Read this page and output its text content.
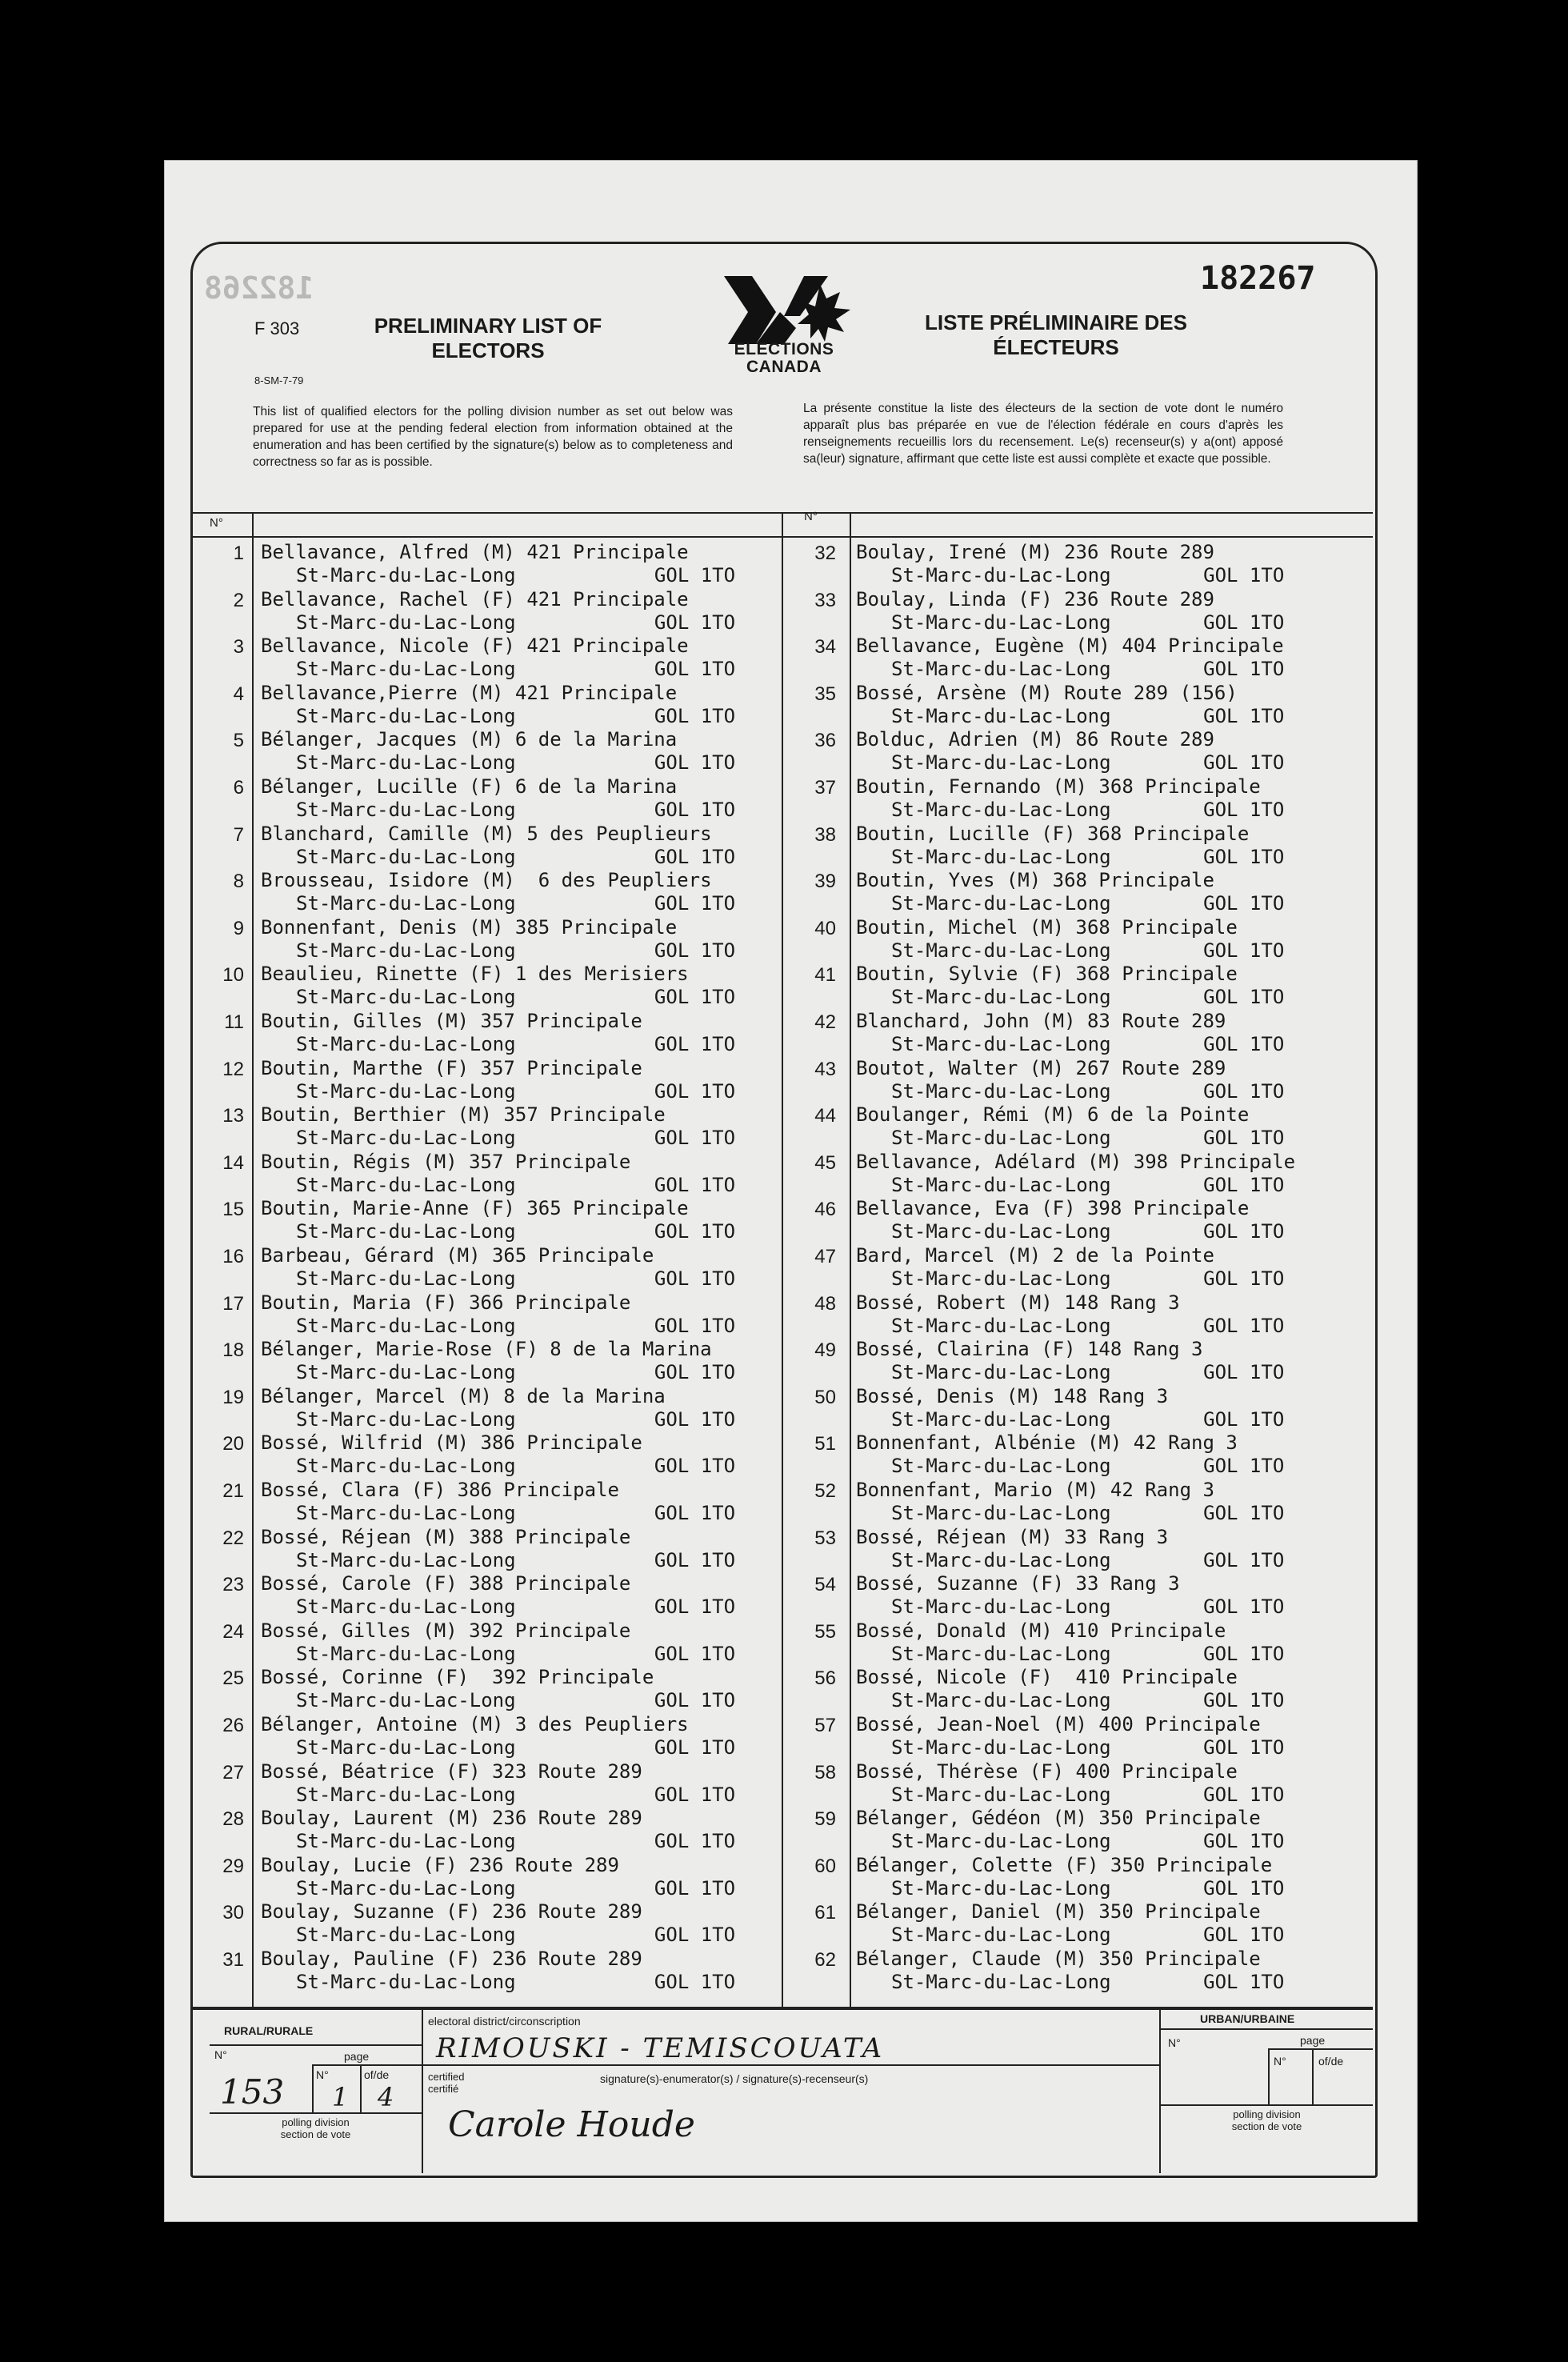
182268	182267
F 303
8-SM-7-79
PRELIMINARY LIST OF
ELECTORS
LISTE PRÉLIMINAIRE DES
ÉLECTEURS
ELECTIONS
CANADA
This list of qualified electors for the polling division number as set out below was prepared for use at the pending federal election from information obtained at the enumeration and has been certified by the signature(s) below as to completeness and correctness so far as is possible.
La présente constitue la liste des électeurs de la section de vote dont le numéro apparaît plus bas préparée en vue de l'élection fédérale en cours d'après les renseignements recueillis lors du recensement. Le(s) recenseur(s) y a(ont) apposé sa(leur) signature, affirmant que cette liste est aussi complète et exacte que possible.
N°	N°
1 Bellavance, Alfred (M) 421 Principale
St-Marc-du-Lac-Long            GOL 1TO
2 Bellavance, Rachel (F) 421 Principale
St-Marc-du-Lac-Long            GOL 1TO
3 Bellavance, Nicole (F) 421 Principale
St-Marc-du-Lac-Long            GOL 1TO
4 Bellavance,Pierre (M) 421 Principale
St-Marc-du-Lac-Long            GOL 1TO
5 Bélanger, Jacques (M) 6 de la Marina
St-Marc-du-Lac-Long            GOL 1TO
6 Bélanger, Lucille (F) 6 de la Marina
St-Marc-du-Lac-Long            GOL 1TO
7 Blanchard, Camille (M) 5 des Peuplieurs
St-Marc-du-Lac-Long            GOL 1TO
8 Brousseau, Isidore (M)  6 des Peupliers
St-Marc-du-Lac-Long            GOL 1TO
9 Bonnenfant, Denis (M) 385 Principale
St-Marc-du-Lac-Long            GOL 1TO
10 Beaulieu, Rinette (F) 1 des Merisiers
St-Marc-du-Lac-Long            GOL 1TO
11 Boutin, Gilles (M) 357 Principale
St-Marc-du-Lac-Long            GOL 1TO
12 Boutin, Marthe (F) 357 Principale
St-Marc-du-Lac-Long            GOL 1TO
13 Boutin, Berthier (M) 357 Principale
St-Marc-du-Lac-Long            GOL 1TO
14 Boutin, Régis (M) 357 Principale
St-Marc-du-Lac-Long            GOL 1TO
15 Boutin, Marie-Anne (F) 365 Principale
St-Marc-du-Lac-Long            GOL 1TO
16 Barbeau, Gérard (M) 365 Principale
St-Marc-du-Lac-Long            GOL 1TO
17 Boutin, Maria (F) 366 Principale
St-Marc-du-Lac-Long            GOL 1TO
18 Bélanger, Marie-Rose (F) 8 de la Marina
St-Marc-du-Lac-Long            GOL 1TO
19 Bélanger, Marcel (M) 8 de la Marina
St-Marc-du-Lac-Long            GOL 1TO
20 Bossé, Wilfrid (M) 386 Principale
St-Marc-du-Lac-Long            GOL 1TO
21 Bossé, Clara (F) 386 Principale
St-Marc-du-Lac-Long            GOL 1TO
22 Bossé, Réjean (M) 388 Principale
St-Marc-du-Lac-Long            GOL 1TO
23 Bossé, Carole (F) 388 Principale
St-Marc-du-Lac-Long            GOL 1TO
24 Bossé, Gilles (M) 392 Principale
St-Marc-du-Lac-Long            GOL 1TO
25 Bossé, Corinne (F)  392 Principale
St-Marc-du-Lac-Long            GOL 1TO
26 Bélanger, Antoine (M) 3 des Peupliers
St-Marc-du-Lac-Long            GOL 1TO
27 Bossé, Béatrice (F) 323 Route 289
St-Marc-du-Lac-Long            GOL 1TO
28 Boulay, Laurent (M) 236 Route 289
St-Marc-du-Lac-Long            GOL 1TO
29 Boulay, Lucie (F) 236 Route 289
St-Marc-du-Lac-Long            GOL 1TO
30 Boulay, Suzanne (F) 236 Route 289
St-Marc-du-Lac-Long            GOL 1TO
31 Boulay, Pauline (F) 236 Route 289
St-Marc-du-Lac-Long            GOL 1TO
32 Boulay, Irené (M) 236 Route 289
St-Marc-du-Lac-Long        GOL 1TO
33 Boulay, Linda (F) 236 Route 289
St-Marc-du-Lac-Long        GOL 1TO
34 Bellavance, Eugène (M) 404 Principale
St-Marc-du-Lac-Long        GOL 1TO
35 Bossé, Arsène (M) Route 289 (156)
St-Marc-du-Lac-Long        GOL 1TO
36 Bolduc, Adrien (M) 86 Route 289
St-Marc-du-Lac-Long        GOL 1TO
37 Boutin, Fernando (M) 368 Principale
St-Marc-du-Lac-Long        GOL 1TO
38 Boutin, Lucille (F) 368 Principale
St-Marc-du-Lac-Long        GOL 1TO
39 Boutin, Yves (M) 368 Principale
St-Marc-du-Lac-Long        GOL 1TO
40 Boutin, Michel (M) 368 Principale
St-Marc-du-Lac-Long        GOL 1TO
41 Boutin, Sylvie (F) 368 Principale
St-Marc-du-Lac-Long        GOL 1TO
42 Blanchard, John (M) 83 Route 289
St-Marc-du-Lac-Long        GOL 1TO
43 Boutot, Walter (M) 267 Route 289
St-Marc-du-Lac-Long        GOL 1TO
44 Boulanger, Rémi (M) 6 de la Pointe
St-Marc-du-Lac-Long        GOL 1TO
45 Bellavance, Adélard (M) 398 Principale
St-Marc-du-Lac-Long        GOL 1TO
46 Bellavance, Eva (F) 398 Principale
St-Marc-du-Lac-Long        GOL 1TO
47 Bard, Marcel (M) 2 de la Pointe
St-Marc-du-Lac-Long        GOL 1TO
48 Bossé, Robert (M) 148 Rang 3
St-Marc-du-Lac-Long        GOL 1TO
49 Bossé, Clairina (F) 148 Rang 3
St-Marc-du-Lac-Long        GOL 1TO
50 Bossé, Denis (M) 148 Rang 3
St-Marc-du-Lac-Long        GOL 1TO
51 Bonnenfant, Albénie (M) 42 Rang 3
St-Marc-du-Lac-Long        GOL 1TO
52 Bonnenfant, Mario (M) 42 Rang 3
St-Marc-du-Lac-Long        GOL 1TO
53 Bossé, Réjean (M) 33 Rang 3
St-Marc-du-Lac-Long        GOL 1TO
54 Bossé, Suzanne (F) 33 Rang 3
St-Marc-du-Lac-Long        GOL 1TO
55 Bossé, Donald (M) 410 Principale
St-Marc-du-Lac-Long        GOL 1TO
56 Bossé, Nicole (F)  410 Principale
St-Marc-du-Lac-Long        GOL 1TO
57 Bossé, Jean-Noel (M) 400 Principale
St-Marc-du-Lac-Long        GOL 1TO
58 Bossé, Thérèse (F) 400 Principale
St-Marc-du-Lac-Long        GOL 1TO
59 Bélanger, Gédéon (M) 350 Principale
St-Marc-du-Lac-Long        GOL 1TO
60 Bélanger, Colette (F) 350 Principale
St-Marc-du-Lac-Long        GOL 1TO
61 Bélanger, Daniel (M) 350 Principale
St-Marc-du-Lac-Long        GOL 1TO
62 Bélanger, Claude (M) 350 Principale
St-Marc-du-Lac-Long        GOL 1TO
RURAL/RURALE
N°	page
N°	of/de
153 1 4
polling division
section de vote
electoral district/circonscription
RIMOUSKI - TEMISCOUATA
certified
certifié
signature(s)-enumerator(s) / signature(s)-recenseur(s)
Carole Houde
URBAN/URBAINE
N°	page
N°	of/de
polling division
section de vote
